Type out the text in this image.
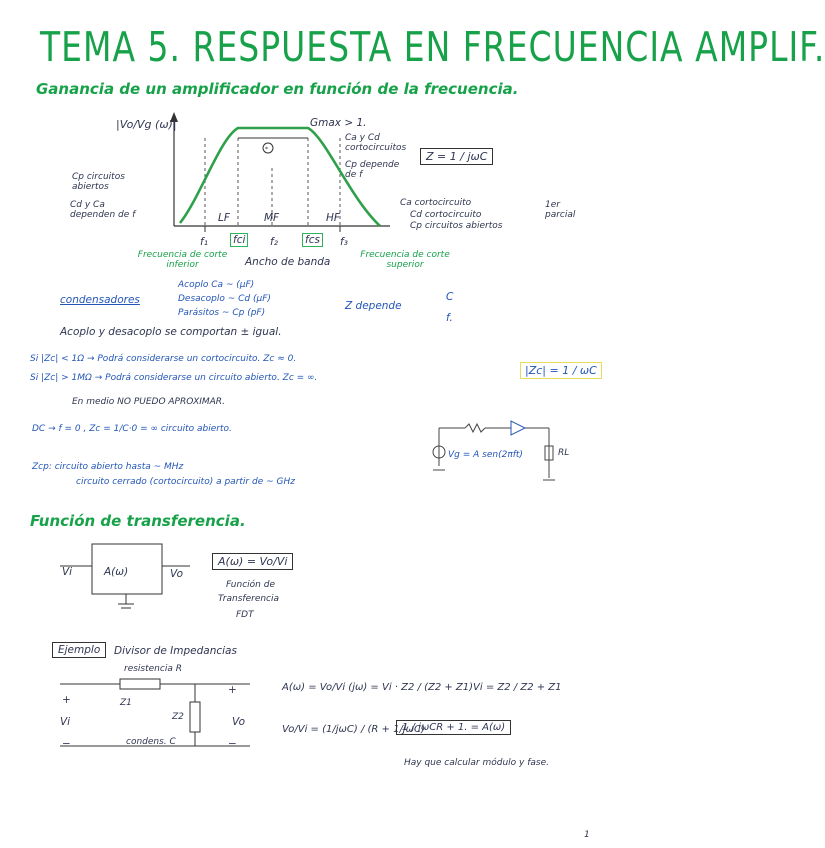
TEMA 5. RESPUESTA EN FRECUENCIA AMPLIF.
Ganancia de un amplificador en función de la frecuencia.
*
|Vo/Vg (ω)|	Gmax > 1.
Cp circuitos abiertos
Cd y Ca dependen de f
Ca y Cd cortocircuitos
Cp depende de f
Z = 1 / jωC
LF	MF	HF
f₁ fci f₂	fcs f₃
Frecuencia de corte inferior	Ancho de banda
Frecuencia de corte superior
Ca cortocircuito
Cd cortocircuito
Cp circuitos abiertos
1er parcial
condensadores
Acoplo Ca ~ (μF)
Desacoplo ~ Cd (μF)
Parásitos ~ Cp (pF)
Z depende
C
f.
Acoplo y desacoplo se comportan ± igual.
Si |Zc| < 1Ω → Podrá considerarse un cortocircuito. Zc ≈ 0.
Si |Zc| > 1MΩ → Podrá considerarse un circuito abierto. Zc = ∞.
|Zc| = 1 / ωC
En medio NO PUEDO APROXIMAR.
DC → f = 0 , Zc = 1/C·0 = ∞ circuito abierto.
Vg = A sen(2πft)	RL
Zcp: circuito abierto hasta ~ MHz
circuito cerrado (cortocircuito) a partir de ~ GHz
Función de transferencia.
Vi	A(ω)	Vo
A(ω) = Vo/Vi
Función de
Transferencia
FDT
Ejemplo	Divisor de Impedancias
resistencia R
Z1
Z2
+
+
Vi	Vo
−	−
condens. C
A(ω) = Vo/Vi (jω) = Vi · Z2 / (Z2 + Z1)Vi = Z2 / Z2 + Z1
Vo/Vi = (1/jωC) / (R + 1/jωC)
1 / jωCR + 1. = A(ω)
Hay que calcular módulo y fase.
1
